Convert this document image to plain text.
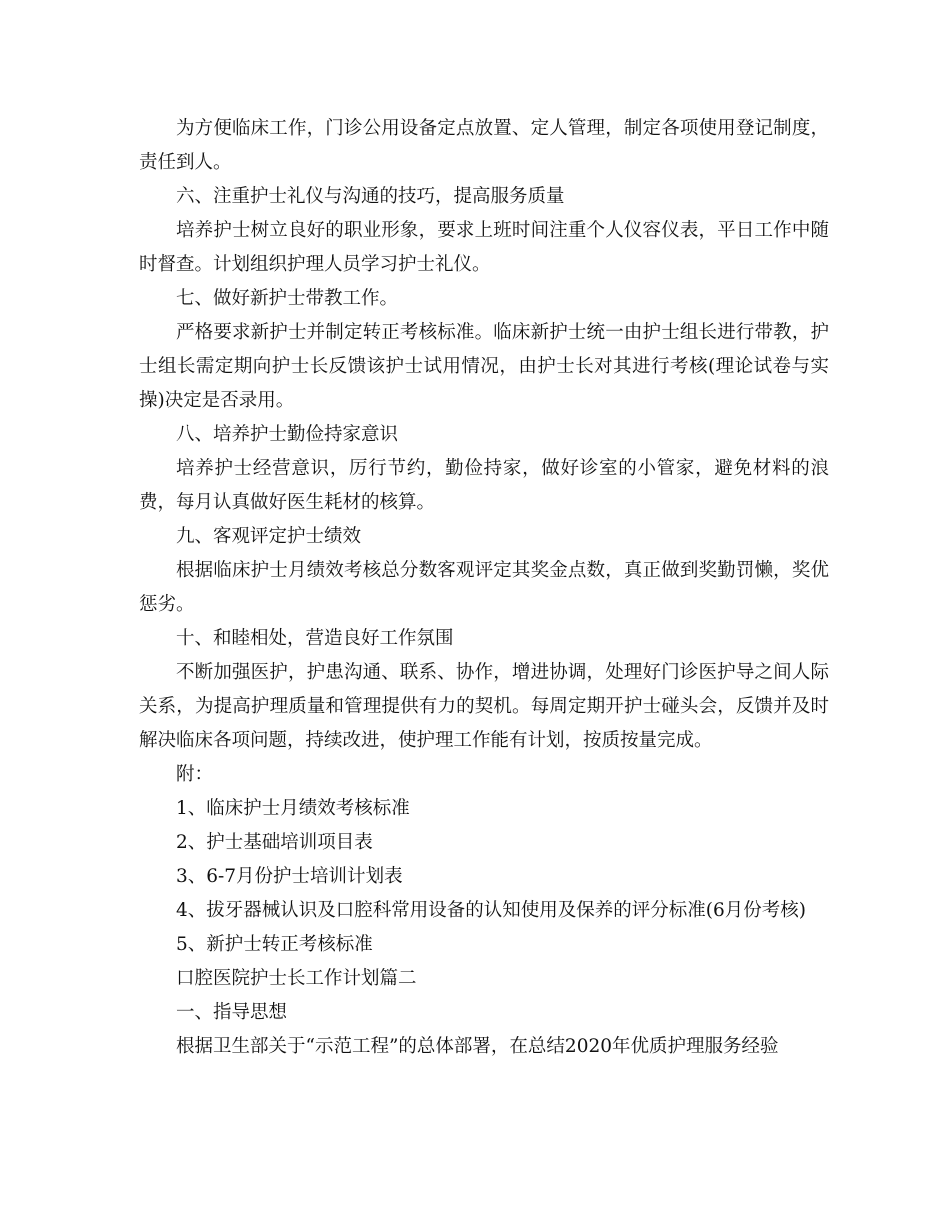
为方便临床工作，门诊公用设备定点放置、定人管理，制定各项使用登记制度，责任到人。

六、注重护士礼仪与沟通的技巧，提高服务质量

培养护士树立良好的职业形象，要求上班时间注重个人仪容仪表，平日工作中随时督查。计划组织护理人员学习护士礼仪。

七、做好新护士带教工作。

严格要求新护士并制定转正考核标准。临床新护士统一由护士组长进行带教，护士组长需定期向护士长反馈该护士试用情况，由护士长对其进行考核(理论试卷与实操)决定是否录用。

八、培养护士勤俭持家意识

培养护士经营意识，厉行节约，勤俭持家，做好诊室的小管家，避免材料的浪费，每月认真做好医生耗材的核算。

九、客观评定护士绩效

根据临床护士月绩效考核总分数客观评定其奖金点数，真正做到奖勤罚懒，奖优惩劣。

十、和睦相处，营造良好工作氛围

不断加强医护，护患沟通、联系、协作，增进协调，处理好门诊医护导之间人际关系，为提高护理质量和管理提供有力的契机。每周定期开护士碰头会，反馈并及时解决临床各项问题，持续改进，使护理工作能有计划，按质按量完成。

附：

1、临床护士月绩效考核标准

2、护士基础培训项目表

3、6-7月份护士培训计划表

4、拔牙器械认识及口腔科常用设备的认知使用及保养的评分标准(6月份考核)

5、新护士转正考核标准

口腔医院护士长工作计划篇二

一、指导思想

根据卫生部关于“示范工程”的总体部署，在总结2020年优质护理服务经验
